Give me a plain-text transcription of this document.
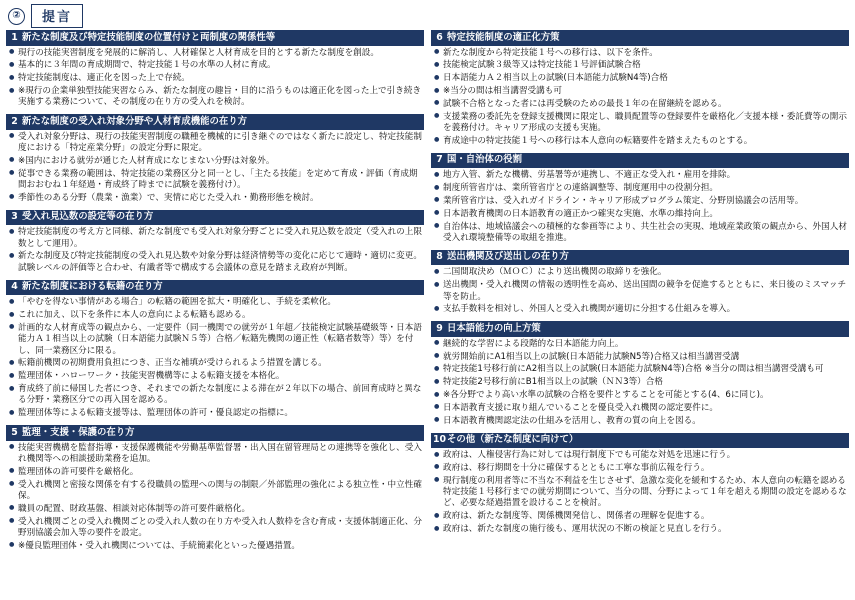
②	提言
1 新たな制度及び特定技能制度の位置付けと両制度の関係性等
● 現行の技能実習制度を発展的に解消し、人材確保と人材育成を目的とする新たな制度を創設。
● 基本的に３年間の育成期間で、特定技能１号の水準の人材に育成。
● 特定技能制度は、適正化を図った上で存続。
● ※現行の企業単独型技能実習ならみ、新たな制度の趣旨・目的に沿うものは適正化を図った上で引き続き実施する業務について、その制度の在り方の受入れを検討。
2 新たな制度の受入れ対象分野や人材育成機能の在り方
● 受入れ対象分野は、現行の技能実習制度の職種を機械的に引き継ぐのではなく新たに設定し、特定技能制度における「特定産業分野」の設定分野に限定。
● ※国内における就労が通じた人材育成になじまない分野は対象外。
● 従事できる業務の範囲は、特定技能の業務区分と同一とし、「主たる技能」を定めて育成・評価（育成期間おおむね１年経過・育成終了時までに試験を義務付け）。
● 季節性のある分野（農業・漁業）で、実情に応じた受入れ・勤務形態を検討。
3 受入れ見込数の設定等の在り方
● 特定技能制度の考え方と同様、新たな制度でも受入れ対象分野ごとに受入れ見込数を設定（受入れの上限数として運用）。
● 新たな制度及び特定技能制度の受入れ見込数や対象分野は経済情勢等の変化に応じて適時・適切に変更。試験レベルの評価等と合わせ、有識者等で構成する会議体の意見を踏まえ政府が判断。
4 新たな制度における転籍の在り方
● 「やむを得ない事情がある場合」の転籍の範囲を拡大・明確化し、手続を柔軟化。
● これに加え、以下を条件に本人の意向による転籍も認める。
● 計画的な人材育成等の観点から、一定要件（同一機関での就労が１年超／技能検定試験基礎級等・日本語能力Ａ１相当以上の試験（日本語能力試験Ｎ５等）合格／転籍先機関の適正性（転籍者数等）等）を付し、同一業務区分に限る。
● 転籍前機関の初期費用負担につき、正当な補填が受けられるよう措置を講じる。
● 監理団体・ハローワーク・技能実習機構等による転籍支援を本格化。
● 育成終了前に帰国した者につき、それまでの新たな制度による滞在が２年以下の場合、前回育成時と異なる分野・業務区分での再入国を認める。
● 監理団体等による転籍支援等は、監理団体の許可・優良認定の指標に。
5 監理・支援・保護の在り方
● 技能実習機構を監督指導・支援保護機能や労働基準監督署・出入国在留管理局との連携等を強化し、受入れ機関等への相談援助業務を追加。
● 監理団体の許可要件を厳格化。
● 受入れ機関と密接な関係を有する役職員の監理への関与の制限／外部監理の強化による独立性・中立性確保。
● 職員の配置、財政基盤、相談対応体制等の許可要件厳格化。
● 受入れ機関ごとの受入れ機関ごとの受入れ人数の在り方や受入れ人数枠を含む育成・支援体制適正化、分野別協議会加入等の要件を設定。
● ※優良監理団体・受入れ機関については、手続簡素化といった優遇措置。
6 特定技能制度の適正化方策
● 新たな制度から特定技能１号への移行は、以下を条件。
● 技能検定試験３級等又は特定技能１号評価試験合格
● 日本語能力Ａ２相当以上の試験(日本語能力試験N4等)合格
● ※当分の間は相当講習受講も可
● 試験不合格となった者には再受験のための最長１年の在留継続を認める。
● 支援業務の委託先を登録支援機関に限定し、職員配置等の登録要件を厳格化／支援本様・委託費等の開示を義務付け。キャリア形成の支援も実施。
● 育成途中の特定技能１号への移行は本人意向の転籍要件を踏まえたものとする。
7 国・自治体の役割
● 地方入管、新たな機構、労基署等が連携し、不適正な受入れ・雇用を排除。
● 制度所管省庁は、業所管省庁との連絡調整等、制度運用中の役割分担。
● 業所管省庁は、受入れガイドライン・キャリア形成プログラム策定、分野別協議会の活用等。
● 日本語教育機関の日本語教育の適正かつ確実な実施、水準の維持向上。
● 自治体は、地域協議会への積極的な参画等により、共生社会の実現、地域産業政策の観点から、外国人材受入れ環境整備等の取組を推進。
8 送出機関及び送出しの在り方
● 二国間取決め（ＭＯＣ）により送出機関の取締りを強化。
● 送出機関・受入れ機関の情報の透明性を高め、送出国間の競争を促進するとともに、来日後のミスマッチ等を防止。
● 支払手数料を相対し、外国人と受入れ機関が適切に分担する仕組みを導入。
9 日本語能力の向上方策
● 継続的な学習による段階的な日本語能力向上。
● 就労開始前にA1相当以上の試験(日本語能力試験N5等)合格又は相当講習受講
● 特定技能1号移行前にA2相当以上の試験(日本語能力試験N4等)合格 ※当分の間は相当講習受講も可
● 特定技能2号移行前にB1相当以上の試験（ＮＮ3等）合格
● ※各分野でより高い水準の試験の合格を要件とすることを可能とする(4、6に同じ)。
● 日本語教育支援に取り組んでいることを優良受入れ機関の認定要件に。
● 日本語教育機関認定法の仕組みを活用し、教育の質の向上を図る。
10 その他（新たな制度に向けて）
● 政府は、人権侵害行為に対しては現行制度下でも可能な対処を迅速に行う。
● 政府は、移行期間を十分に確保するとともに工寧な事前広報を行う。
● 現行制度の利用者等に不当な不利益を生じさせず、急激な変化を緩和するため、本人意向の転籍を認める特定技能１号移行までの就労期間について、当分の間、分野によって１年を超える期間の設定を認めるなど、必要な経過措置を設けることを検討。
● 政府は、新たな制度等、関係機関発信し、関係者の理解を促進する。
● 政府は、新たな制度の施行後も、運用状況の不断の検証と見直しを行う。
